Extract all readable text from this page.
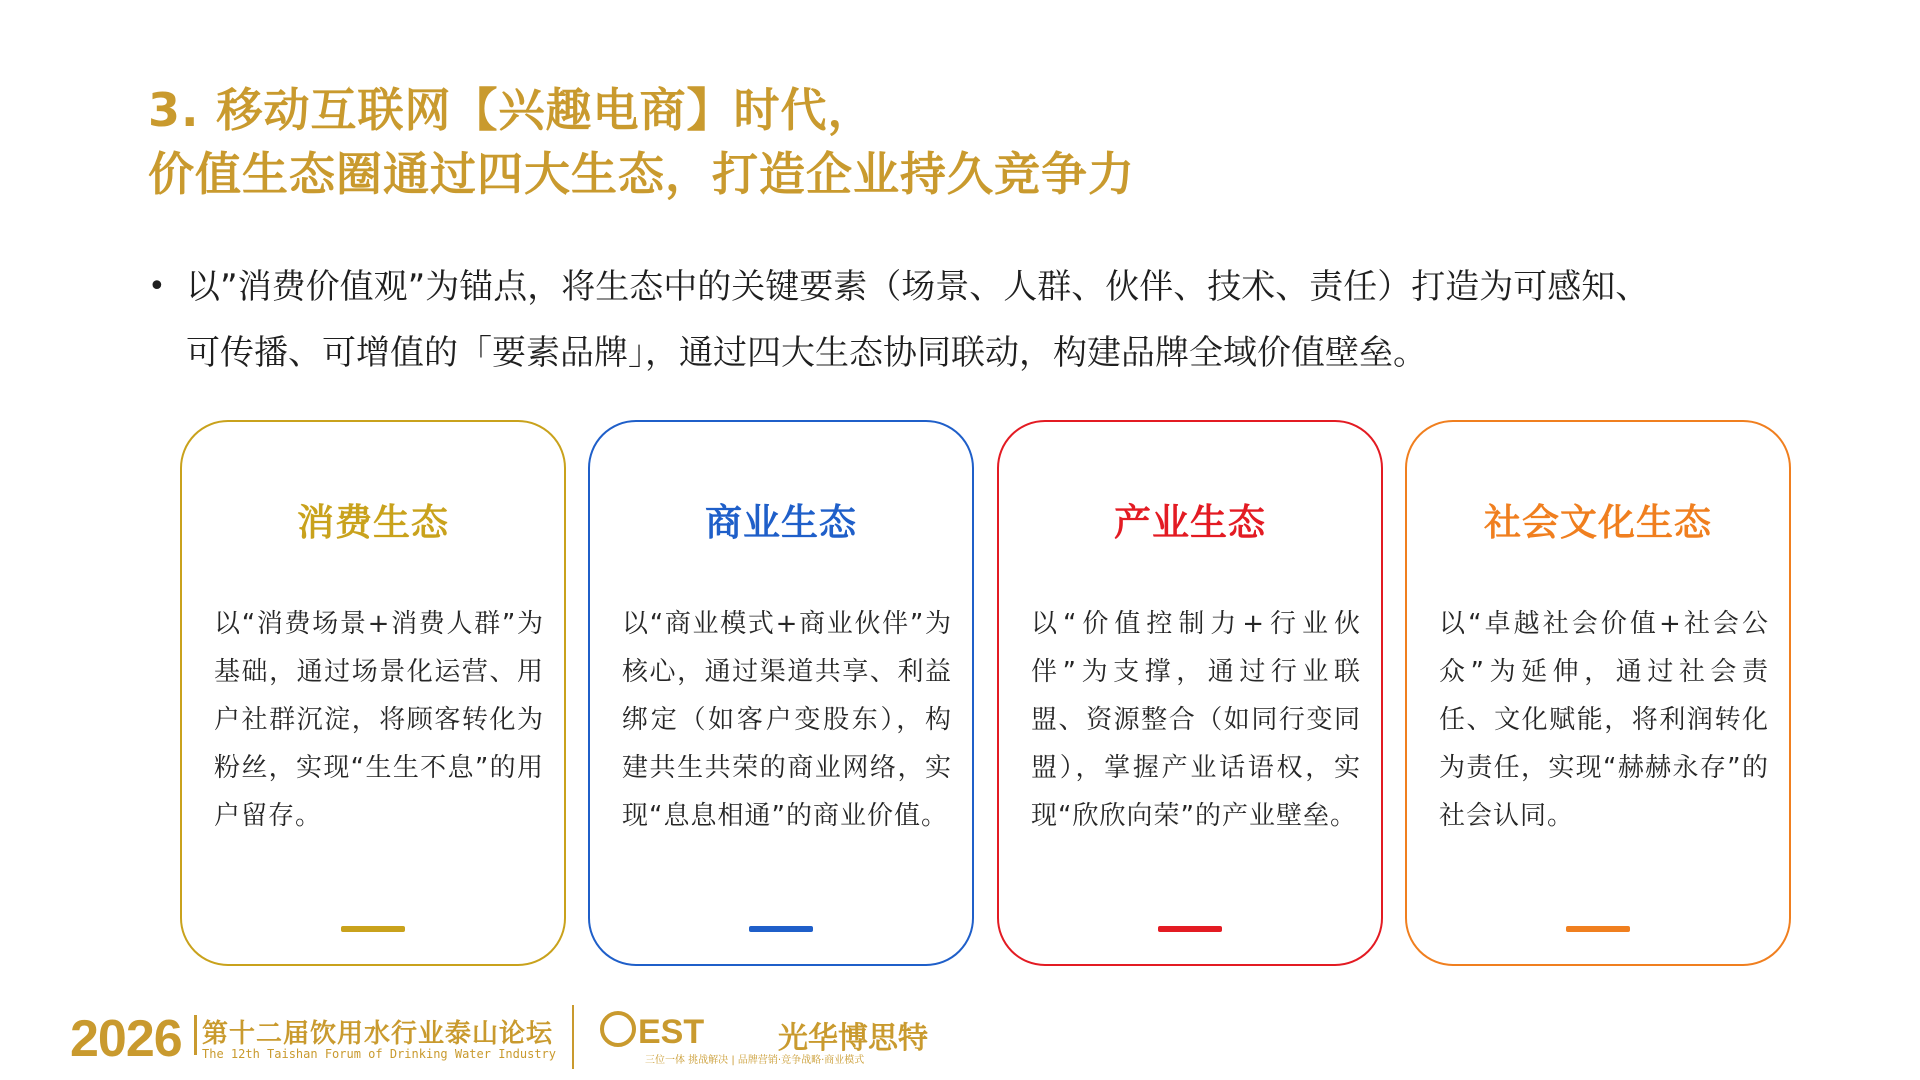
3. 移动互联网【兴趣电商】时代，
价值生态圈通过四大生态，打造企业持久竞争力
• 以”消费价值观”为锚点，将生态中的关键要素（场景、人群、伙伴、技术、责任）打造为可感知、
可传播、可增值的「要素品牌」，通过四大生态协同联动，构建品牌全域价值壁垒。
消费生态
以“消费场景+消费人群”为基础，通过场景化运营、用户社群沉淀，将顾客转化为粉丝，实现“生生不息”的用户留存。
商业生态
以“商业模式+商业伙伴”为核心，通过渠道共享、利益绑定（如客户变股东），构建共生共荣的商业网络，实现“息息相通”的商业价值。
产业生态
以“价值控制力+行业伙伴”为支撑，通过行业联盟、资源整合（如同行变同盟），掌握产业话语权，实现“欣欣向荣”的产业壁垒。
社会文化生态
以“卓越社会价值+社会公众”为延伸，通过社会责任、文化赋能，将利润转化为责任，实现“赫赫永存”的社会认同。
2026 第十二届饮用水行业泰山论坛
The 12th Taishan Forum of Drinking Water Industry
EST 光华博思特
三位一体 挑战解决 | 品牌营销·竞争战略·商业模式
